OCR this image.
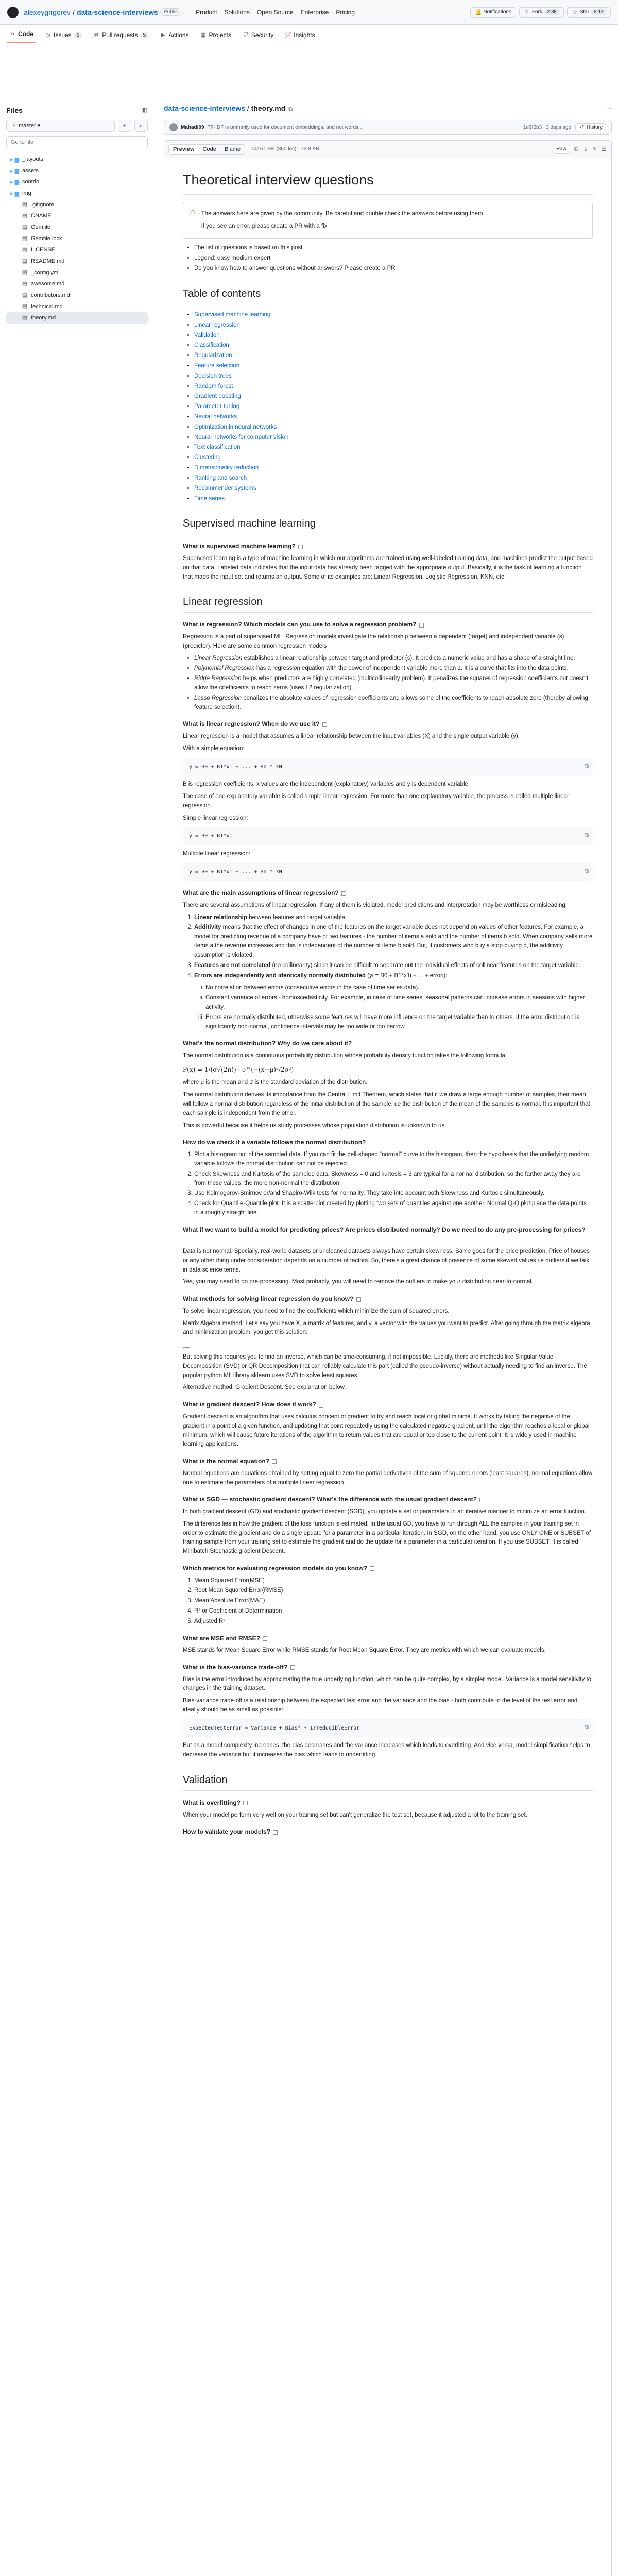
alexeygrigorev / data-science-interviews	Public	Product Solutions Open Source Enterprise Pricing	🔔 Notifications ⑂ Fork 2.3k	☆ Star 8.1k
‹› Code ◎ Issues	6	⇄ Pull requests	5	▶ Actions ▦ Projects ⛉ Security 📈 Insights
Files	◧
⑂ master ▾	+	⌕
Go to file
▸ ▆ _layouts
▸ ▆ assets
▸ ▆ contrib
▸ ▆ img
▤ .gitignore
▤ CNAME
▤ Gemfile
▤ Gemfile.lock
▤ LICENSE
▤ README.md
▤ _config.yml
▤ awesome.md
▤ contributors.md
▤ technical.md
▤ theory.md
data-science-interviews / theory.md ⧉	⋯
Mahadi09 TF-IDF is primarily used for document embeddings, and not words...	1e9f6b3 3 days ago	↺ History
Preview	Code	Blame	1416 lines (860 loc) · 73.8 KB	Raw	⧉	⤓ ✎ ☰
Theoretical interview questions
⚠ The answers here are given by the community. Be careful and double check the answers before using them.

If you see an error, please create a PR with a fix

• The list of questions is based on this post
• Legend: easy medium expert
• Do you know how to answer questions without answers? Please create a PR
Table of contents
• Supervised machine learning
• Linear regression
• Validation
• Classification
• Regularization
• Feature selection
• Decision trees
• Random forest
• Gradient boosting
• Parameter tuning
• Neural networks
• Optimization in neural networks
• Neural networks for computer vision
• Text classification
• Clustering
• Dimensionality reduction
• Ranking and search
• Recommender systems
• Time series
Supervised machine learning
What is supervised machine learning?

Supervised learning is a type of machine learning in which our algorithms are trained using well-labeled training data, and machines predict the output based on that data. Labeled data indicates that the input data has already been tagged with the appropriate output. Basically, it is the task of learning a function that maps the input set and returns an output. Some of its examples are: Linear Regression, Logistic Regression, KNN, etc.

Linear regression
What is regression? Which models can you use to solve a regression problem?

Regression is a part of supervised ML. Regression models investigate the relationship between a dependent (target) and independent variable (s) (predictor). Here are some common regression models

• Linear Regression establishes a linear relationship between target and predictor (s). It predicts a numeric value and has a shape of a straight line.
• Polynomial Regression has a regression equation with the power of independent variable more than 1. It is a curve that fits into the data points.
• Ridge Regression helps when predictors are highly correlated (multicollinearity problem). It penalizes the squares of regression coefficients but doesn't allow the coefficients to reach zeros (uses L2 regularization).
• Lasso Regression penalizes the absolute values of regression coefficients and allows some of the coefficients to reach absolute zero (thereby allowing feature selection).
What is linear regression? When do we use it?

Linear regression is a model that assumes a linear relationship between the input variables (X) and the single output variable (y).

With a simple equation:

y = B0 + B1*x1 + ... + Bn * xN	⧉

B is regression coefficients, x values are the independent (explanatory) variables and y is dependent variable.

The case of one explanatory variable is called simple linear regression. For more than one explanatory variable, the process is called multiple linear regression.

Simple linear regression:

y = B0 + B1*x1	⧉

Multiple linear regression:

y = B0 + B1*x1 + ... + Bn * xN	⧉
What are the main assumptions of linear regression?

There are several assumptions of linear regression. If any of them is violated, model predictions and interpretation may be worthless or misleading.

1. Linear relationship between features and target variable.
2. Additivity means that the effect of changes in one of the features on the target variable does not depend on values of other features. For example, a model for predicting revenue of a company have of two features - the number of items a sold and the number of items b sold. When company sells more items a the revenue increases and this is independent of the number of items b sold. But, if customers who buy a stop buying b, the additivity assumption is violated.
3. Features are not correlated (no collinearity) since it can be difficult to separate out the individual effects of collinear features on the target variable.
4. Errors are independently and identically normally distributed (yi = B0 + B1*x1i + ... + errori):
i. No correlation between errors (consecutive errors in the case of time series data).
ii. Constant variance of errors - homoscedasticity. For example, in case of time series, seasonal patterns can increase errors in seasons with higher activity.
iii. Errors are normally distributed, otherwise some features will have more influence on the target variable than to others. If the error distribution is significantly non-normal, confidence intervals may be too wide or too narrow.
What's the normal distribution? Why do we care about it?

The normal distribution is a continuous probability distribution whose probability density function takes the following formula:

P(x) = 1/(σ√(2π)) · e^(−(x−μ)²/2σ²)

where μ is the mean and σ is the standard deviation of the distribution.

The normal distribution derives its importance from the Central Limit Theorem, which states that if we draw a large enough number of samples, their mean will follow a normal distribution regardless of the initial distribution of the sample, i.e the distribution of the mean of the samples is normal. It is important that each sample is independent from the other.

This is powerful because it helps us study processes whose population distribution is unknown to us.

How do we check if a variable follows the normal distribution?
1. Plot a histogram out of the sampled data. If you can fit the bell-shaped "normal" curve to the histogram, then the hypothesis that the underlying random variable follows the normal distribution can not be rejected.
2. Check Skewness and Kurtosis of the sampled data. Skewness = 0 and kurtosis = 3 are typical for a normal distribution, so the farther away they are from these values, the more non-normal the distribution.
3. Use Kolmogorov-Smirnov or/and Shapiro-Wilk tests for normality. They take into account both Skewness and Kurtosis simultaneously.
4. Check for Quantile-Quantile plot. It is a scatterplot created by plotting two sets of quantiles against one another. Normal Q-Q plot place the data points in a roughly straight line.
What if we want to build a model for predicting prices? Are prices distributed normally? Do we need to do any pre-processing for prices?

Data is not normal. Specially, real-world datasets or uncleaned datasets always have certain skewness. Same goes for the price prediction. Price of houses or any other thing under consideration depends on a number of factors. So, there's a great chance of presence of some skewed values i.e outliers if we talk in data science terms.

Yes, you may need to do pre-processing. Most probably, you will need to remove the outliers to make your distribution near-to-normal.

What methods for solving linear regression do you know?

To solve linear regression, you need to find the coefficients which minimize the sum of squared errors.

Matrix Algebra method: Let's say you have X, a matrix of features, and y, a vector with the values you want to predict. After going through the matrix algebra and minimization problem, you get this solution:

But solving this requires you to find an inverse, which can be time-consuming, if not impossible. Luckily, there are methods like Singular Value Decomposition (SVD) or QR Decomposition that can reliably calculate this part (called the pseudo-inverse) without actually needing to find an inverse. The popular python ML library sklearn uses SVD to solve least squares.

Alternative method: Gradient Descent. See explanation below.

What is gradient descent? How does it work?

Gradient descent is an algorithm that uses calculus concept of gradient to try and reach local or global minima. It works by taking the negative of the gradient in a point of a given function, and updating that point repeatedly using the calculated negative gradient, until the algorithm reaches a local or global minimum, which will cause future iterations of the algorithm to return values that are equal or too close to the current point. It is widely used in machine learning applications.

What is the normal equation?

Normal equations are equations obtained by setting equal to zero the partial derivatives of the sum of squared errors (least squares); normal equations allow one to estimate the parameters of a multiple linear regression.

What is SGD — stochastic gradient descent? What's the difference with the usual gradient descent?

In both gradient descent (GD) and stochastic gradient descent (SGD), you update a set of parameters in an iterative manner to minimize an error function.

The difference lies in how the gradient of the loss function is estimated. In the usual GD, you have to run through ALL the samples in your training set in order to estimate the gradient and do a single update for a parameter in a particular iteration. In SGD, on the other hand, you use ONLY ONE or SUBSET of training sample from your training set to estimate the gradient and do the update for a parameter in a particular iteration. If you use SUBSET, it is called Minibatch Stochastic gradient Descent.

Which metrics for evaluating regression models do you know?
1. Mean Squared Error(MSE)
2. Root Mean Squared Error(RMSE)
3. Mean Absolute Error(MAE)
4. R² or Coefficient of Determination
5. Adjusted R²
What are MSE and RMSE?

MSE stands for Mean Square Error while RMSE stands for Root Mean Square Error. They are metrics with which we can evaluate models.

What is the bias-variance trade-off?

Bias is the error introduced by approximating the true underlying function, which can be quite complex, by a simpler model. Variance is a model sensitivity to changes in the training dataset.

Bias-variance trade-off is a relationship between the expected test error and the variance and the bias - both contribute to the level of the test error and ideally should be as small as possible:

ExpectedTestError = Variance + Bias² + IrreducibleError	⧉

But as a model complexity increases, the bias decreases and the variance increases which leads to overfitting. And vice versa, model simplification helps to decrease the variance but it increases the bias which leads to underfitting.

Validation
What is overfitting?

When your model perform very well on your training set but can't generalize the test set, because it adjusted a lot to the training set.

How to validate your models?
